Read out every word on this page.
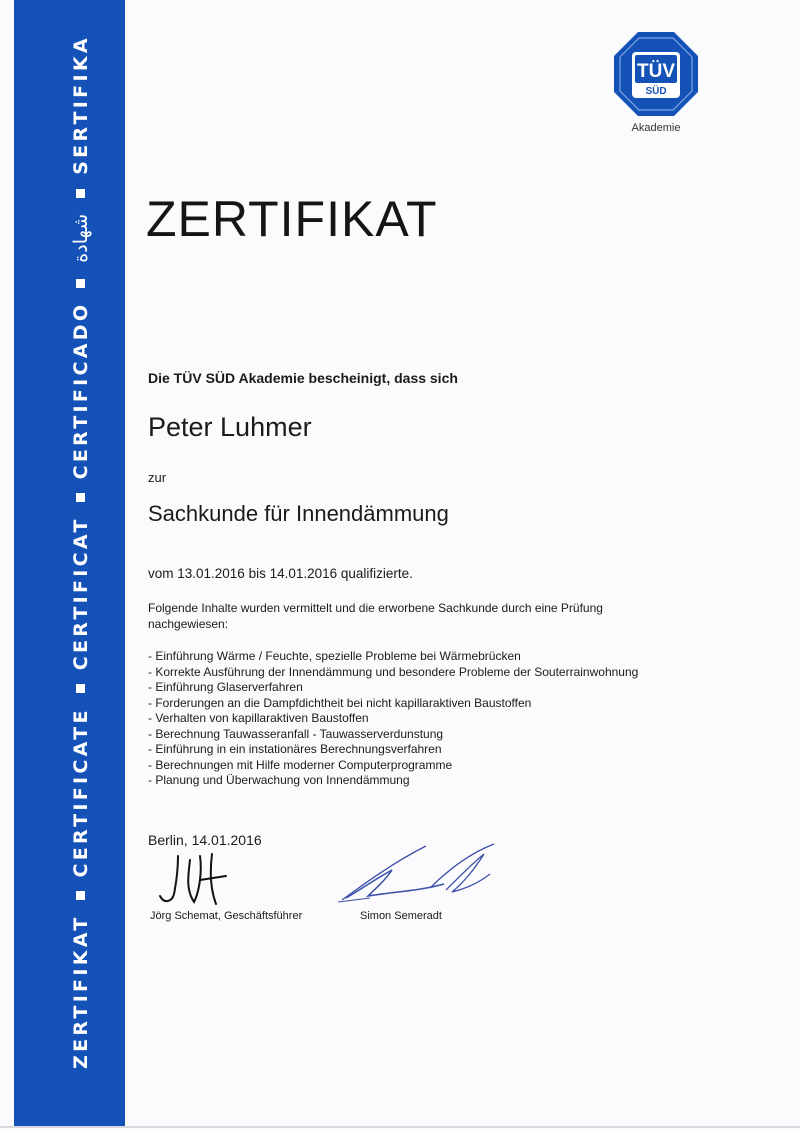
ZERTIFIKATCERTIFICATECERTIFICATCERTIFICADOشهادةSERTIFIKA	TÜV
SÜD
Akademie
ZERTIFIKAT
Die TÜV SÜD Akademie bescheinigt, dass sich
Peter Luhmer
zur
Sachkunde für Innendämmung
vom 13.01.2016 bis 14.01.2016 qualifizierte.
Folgende Inhalte wurden vermittelt und die erworbene Sachkunde durch eine Prüfung nachgewiesen:
- Einführung Wärme / Feuchte, spezielle Probleme bei Wärmebrücken
- Korrekte Ausführung der Innendämmung und besondere Probleme der Souterrainwohnung
- Einführung Glaserverfahren
- Forderungen an die Dampfdichtheit bei nicht kapillaraktiven Baustoffen
- Verhalten von kapillaraktiven Baustoffen
- Berechnung Tauwasseranfall - Tauwasserverdunstung
- Einführung in ein instationäres Berechnungsverfahren
- Berechnungen mit Hilfe moderner Computerprogramme
- Planung und Überwachung von Innendämmung
Berlin, 14.01.2016
Jörg Schemat, Geschäftsführer	Simon Semeradt
